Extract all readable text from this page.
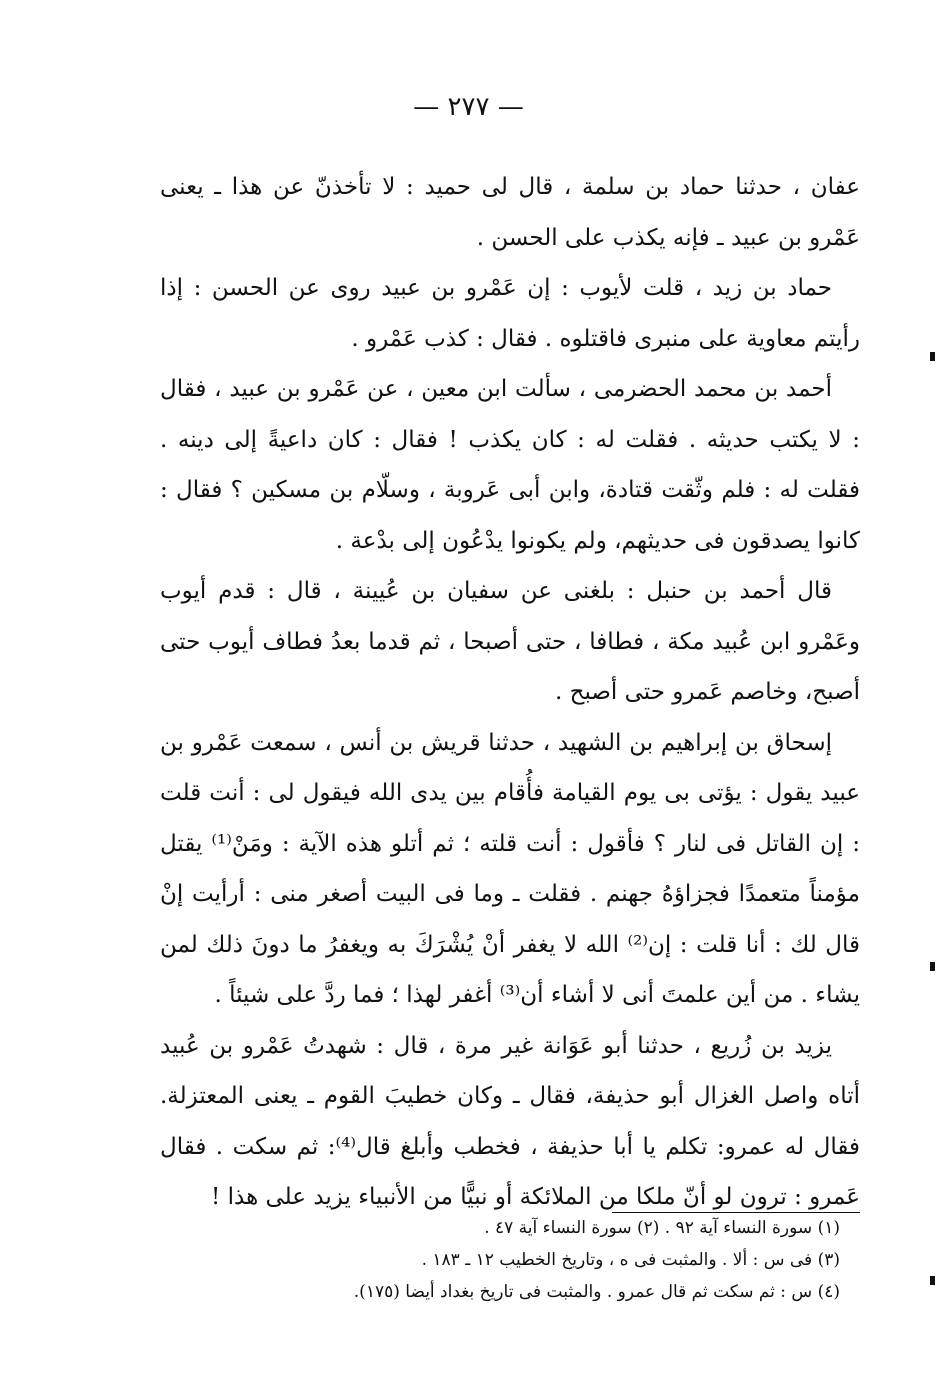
— ٢٧٧ —

عفان ، حدثنا حماد بن سلمة ، قال لى حميد : لا تأخذنّ عن هذا ـ يعنى عَمْرو بن عبيد ـ فإنه يكذب على الحسن .

حماد بن زيد ، قلت لأيوب : إن عَمْرو بن عبيد روى عن الحسن : إذا رأيتم معاوية على منبرى فاقتلوه . فقال : كذب عَمْرو .

أحمد بن محمد الحضرمى ، سألت ابن معين ، عن عَمْرو بن عبيد ، فقال : لا يكتب حديثه . فقلت له : كان يكذب ! فقال : كان داعيةً إلى دينه . فقلت له : فلم وثّقت قتادة، وابن أبى عَروبة ، وسلّام بن مسكين ؟ فقال : كانوا يصدقون فى حديثهم، ولم يكونوا يدْعُون إلى بدْعة .

قال أحمد بن حنبل : بلغنى عن سفيان بن عُيينة ، قال : قدم أيوب وعَمْرو ابن عُبيد مكة ، فطافا ، حتى أصبحا ، ثم قدما بعدُ فطاف أيوب حتى أصبح، وخاصم عَمرو حتى أصبح .

إسحاق بن إبراهيم بن الشهيد ، حدثنا قريش بن أنس ، سمعت عَمْرو بن عبيد يقول : يؤتى بى يوم القيامة فأُقام بين يدى الله فيقول لى : أنت قلت : إن القاتل فى لنار ؟ فأقول : أنت قلته ؛ ثم أتلو هذه الآية : ومَنْ⁽¹⁾ يقتل مؤمناً متعمدًا فجزاؤهُ جهنم . فقلت ـ وما فى البيت أصغر منى : أرأيت إنْ قال لك : أنا قلت : إن⁽²⁾ الله لا يغفر أنْ يُشْرَكَ به ويغفرُ ما دونَ ذلك لمن يشاء . من أين علمتَ أنى لا أشاء أن⁽³⁾ أغفر لهذا ؛ فما ردَّ على شيئاً .

يزيد بن زُريع ، حدثنا أبو عَوَانة غير مرة ، قال : شهدتُ عَمْرو بن عُبيد أتاه واصل الغزال أبو حذيفة، فقال ـ وكان خطيبَ القوم ـ يعنى المعتزلة. فقال له عمرو: تكلم يا أبا حذيفة ، فخطب وأبلغ قال⁽⁴⁾: ثم سكت . فقال عَمرو : ترون لو أنّ ملكا من الملائكة أو نبيًّا من الأنبياء يزيد على هذا !

(١) سورة النساء آية ٩٢ . (٢) سورة النساء آية ٤٧ .
(٣) فى س : ألا . والمثبت فى ه ، وتاريخ الخطيب ١٢ ـ ١٨٣ .
(٤) س : ثم سكت ثم قال عمرو . والمثبت فى تاريخ بغداد أيضا (١٧٥).
